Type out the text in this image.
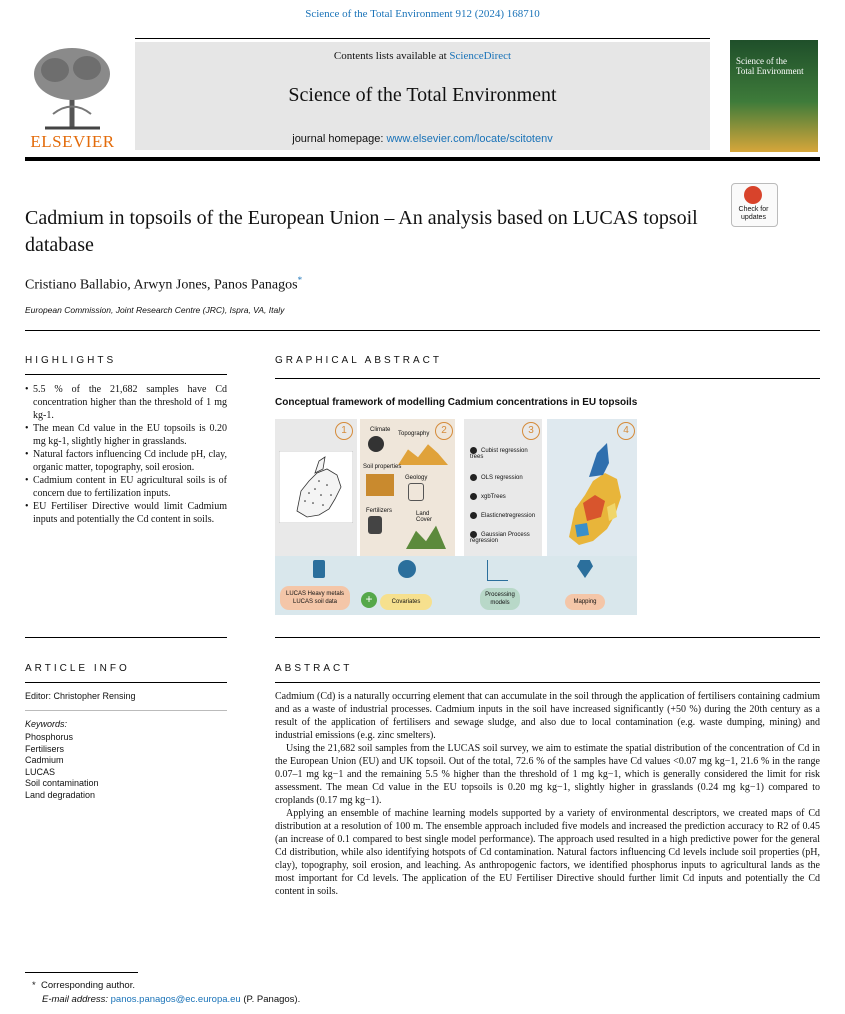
Science of the Total Environment 912 (2024) 168710
ELSEVIER
Contents lists available at ScienceDirect
Science of the Total Environment
journal homepage: www.elsevier.com/locate/scitotenv
Science of the
Total Environment
Check for
updates
Cadmium in topsoils of the European Union – An analysis based on LUCAS topsoil database
Cristiano Ballabio, Arwyn Jones, Panos Panagos*
European Commission, Joint Research Centre (JRC), Ispra, VA, Italy
HIGHLIGHTS
• 5.5 % of the 21,682 samples have Cd concentration higher than the threshold of 1 mg kg-1.
• The mean Cd value in the EU topsoils is 0.20 mg kg-1, slightly higher in grasslands.
• Natural factors influencing Cd include pH, clay, organic matter, topography, soil erosion.
• Cadmium content in EU agricultural soils is of concern due to fertilization inputs.
• EU Fertiliser Directive would limit Cadmium inputs and potentially the Cd content in soils.
GRAPHICAL ABSTRACT
Conceptual framework of modelling Cadmium concentrations in EU topsoils
1	2
Climate
Topography
Soil properties
Geology
Fertilizers	Land Cover
3
Cubist regression trees
OLS regression
xgbTrees
Elasticnetregression
Gaussian Process regression
4
LUCAS Heavy metals LUCAS soil data	+	Covariates
Processing models	Mapping
ARTICLE INFO
Editor: Christopher Rensing
Keywords:
Phosphorus
Fertilisers
Cadmium
LUCAS
Soil contamination
Land degradation
ABSTRACT

Cadmium (Cd) is a naturally occurring element that can accumulate in the soil through the application of fertilisers containing cadmium and as a waste of industrial processes. Cadmium inputs in the soil have increased significantly (+50 %) during the 20th century as a result of the application of fertilisers and sewage sludge, and also due to local contamination (e.g. waste dumping, mining) and industrial emissions (e.g. zinc smelters).

Using the 21,682 soil samples from the LUCAS soil survey, we aim to estimate the spatial distribution of the concentration of Cd in the European Union (EU) and UK topsoil. Out of the total, 72.6 % of the samples have Cd values <0.07 mg kg−1, 21.6 % in the range 0.07–1 mg kg−1 and the remaining 5.5 % higher than the threshold of 1 mg kg−1, which is generally considered the limit for risk assessment. The mean Cd value in the EU topsoils is 0.20 mg kg−1, slightly higher in grasslands (0.24 mg kg−1) compared to croplands (0.17 mg kg−1).

Applying an ensemble of machine learning models supported by a variety of environmental descriptors, we created maps of Cd distribution at a resolution of 100 m. The ensemble approach included five models and increased the prediction accuracy to R2 of 0.45 (an increase of 0.1 compared to best single model performance). The approach used resulted in a high predictive power for the general Cd distribution, while also identifying hotspots of Cd contamination. Natural factors influencing Cd levels include soil properties (pH, clay), topography, soil erosion, and leaching. As anthropogenic factors, we identified phosphorus inputs to agricultural lands as the most important for Cd levels. The application of the EU Fertiliser Directive should further limit Cd inputs and potentially the Cd content in soils.

* Corresponding author.
E-mail address: panos.panagos@ec.europa.eu (P. Panagos).
